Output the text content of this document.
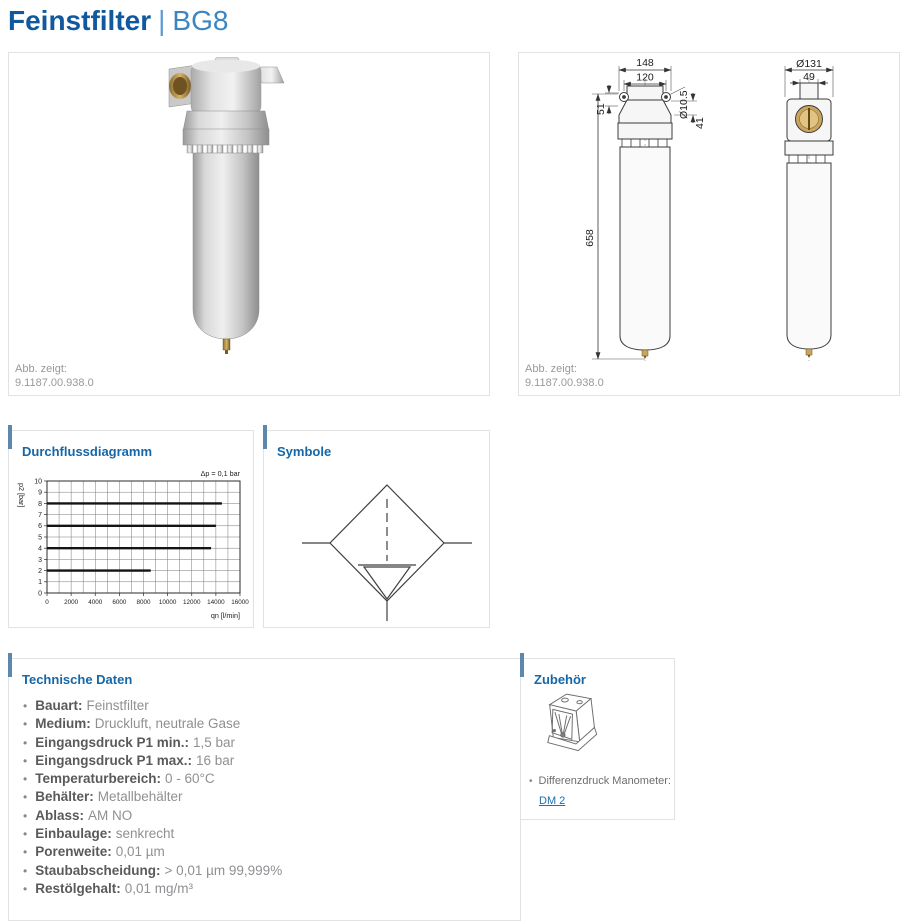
Feinstfilter | BG8
Abb. zeigt:
9.1187.00.938.0
148
120
Ø10.5
51
41
658
Ø131
49
Abb. zeigt:
9.1187.00.938.0
Durchflussdiagramm
0 2000 4000 6000 8000 10000 12000 14000 16000
0
1
2
3
4
5
6
7
8
9
10
Δp = 0,1 bar
p2 [bar]
qn [l/min]
Symbole
Technische Daten
• Bauart: Feinstfilter
• Medium: Druckluft, neutrale Gase
• Eingangsdruck P1 min.: 1,5 bar
• Eingangsdruck P1 max.: 16 bar
• Temperaturbereich: 0 - 60°C
• Behälter: Metallbehälter
• Ablass: AM NO
• Einbaulage: senkrecht
• Porenweite: 0,01 µm
• Staubabscheidung: > 0,01 µm 99,999%
• Restölgehalt: 0,01 mg/m³
Zubehör
• Differenzdruck Manometer:
DM 2
